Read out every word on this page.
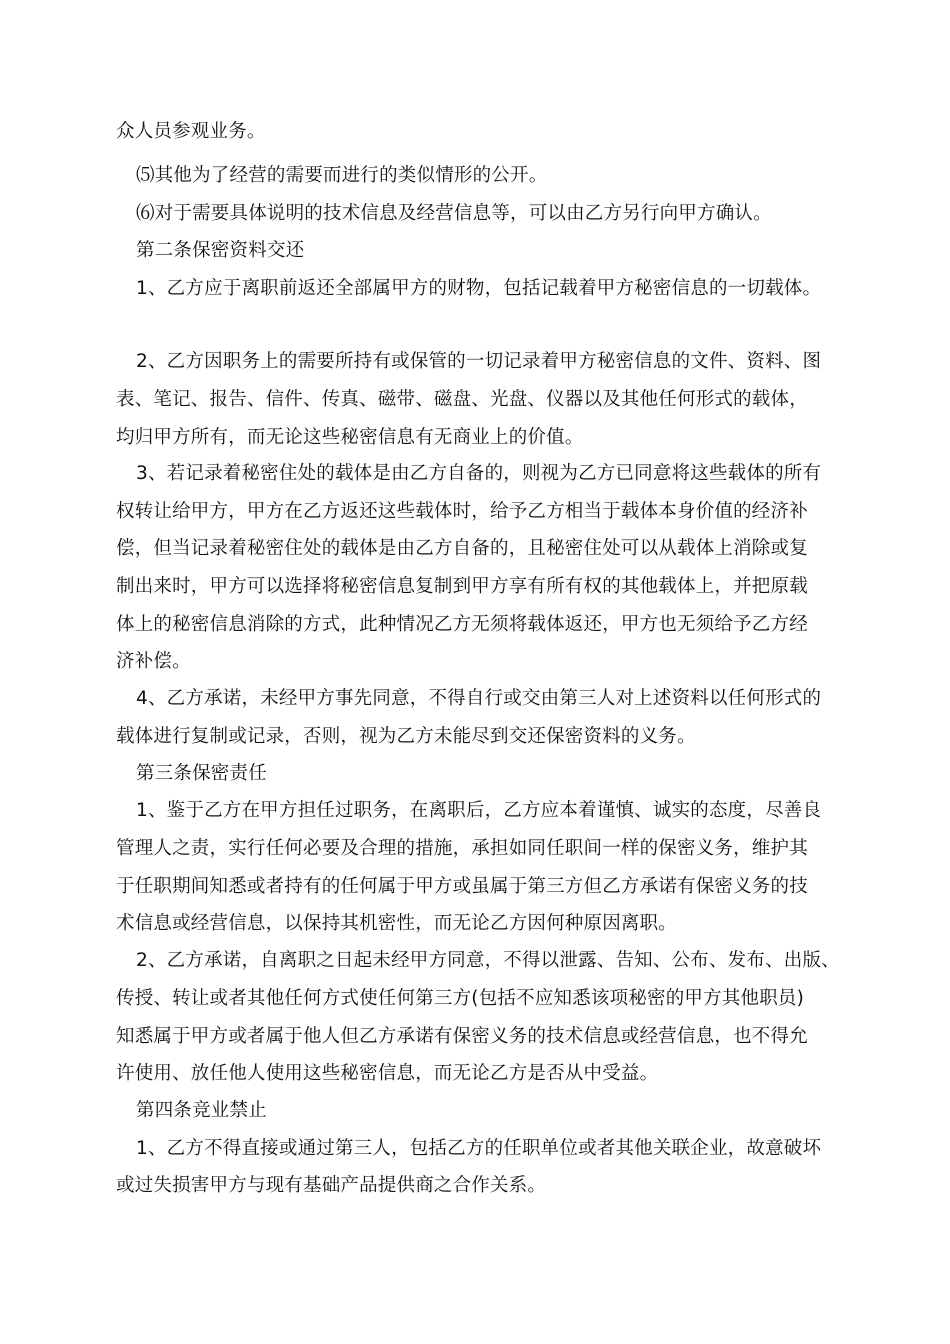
众人员参观业务。
⑸其他为了经营的需要而进行的类似情形的公开。
⑹对于需要具体说明的技术信息及经营信息等，可以由乙方另行向甲方确认。
第二条保密资料交还
1、乙方应于离职前返还全部属甲方的财物，包括记载着甲方秘密信息的一切载体。
2、乙方因职务上的需要所持有或保管的一切记录着甲方秘密信息的文件、资料、图
表、笔记、报告、信件、传真、磁带、磁盘、光盘、仪器以及其他任何形式的载体，
均归甲方所有，而无论这些秘密信息有无商业上的价值。
3、若记录着秘密住处的载体是由乙方自备的，则视为乙方已同意将这些载体的所有
权转让给甲方，甲方在乙方返还这些载体时，给予乙方相当于载体本身价值的经济补
偿，但当记录着秘密住处的载体是由乙方自备的，且秘密住处可以从载体上消除或复
制出来时，甲方可以选择将秘密信息复制到甲方享有所有权的其他载体上，并把原载
体上的秘密信息消除的方式，此种情况乙方无须将载体返还，甲方也无须给予乙方经
济补偿。
4、乙方承诺，未经甲方事先同意，不得自行或交由第三人对上述资料以任何形式的
载体进行复制或记录，否则，视为乙方未能尽到交还保密资料的义务。
第三条保密责任
1、鉴于乙方在甲方担任过职务，在离职后，乙方应本着谨慎、诚实的态度，尽善良
管理人之责，实行任何必要及合理的措施，承担如同任职间一样的保密义务，维护其
于任职期间知悉或者持有的任何属于甲方或虽属于第三方但乙方承诺有保密义务的技
术信息或经营信息，以保持其机密性，而无论乙方因何种原因离职。
2、乙方承诺，自离职之日起未经甲方同意，不得以泄露、告知、公布、发布、出版、
传授、转让或者其他任何方式使任何第三方(包括不应知悉该项秘密的甲方其他职员)
知悉属于甲方或者属于他人但乙方承诺有保密义务的技术信息或经营信息，也不得允
许使用、放任他人使用这些秘密信息，而无论乙方是否从中受益。
第四条竞业禁止
1、乙方不得直接或通过第三人，包括乙方的任职单位或者其他关联企业，故意破坏
或过失损害甲方与现有基础产品提供商之合作关系。
